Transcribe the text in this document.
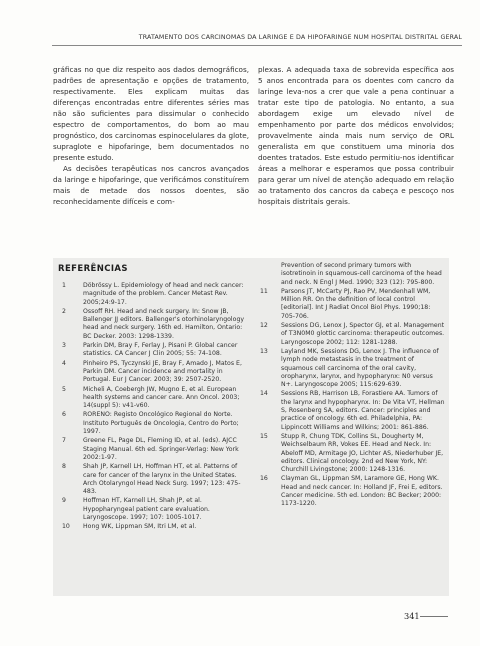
TRATAMENTO DOS CARCINOMAS DA LARINGE E DA HIPOFARINGE NUM HOSPITAL DISTRITAL GERAL

gráficas no que diz respeito aos dados demográficos, padrões de apresentação e opções de tratamento, respectivamente. Eles explicam muitas das diferenças encontradas entre diferentes séries mas não são suficientes para dissimular o conhecido espectro de comportamentos, do bom ao mau prognóstico, dos carcinomas espinocelulares da glote, supraglote e hipofaringe, bem documentados no presente estudo.

As decisões terapêuticas nos cancros avançados da laringe e hipofaringe, que verificámos constituírem mais de metade dos nossos doentes, são reconhecidamente difíceis e com-

plexas. A adequada taxa de sobrevida específica aos 5 anos encontrada para os doentes com cancro da laringe leva-nos a crer que vale a pena continuar a tratar este tipo de patologia. No entanto, a sua abordagem exige um elevado nível de empenhamento por parte dos médicos envolvidos; provavelmente ainda mais num serviço de ORL generalista em que constituem uma minoria dos doentes tratados. Este estudo permitiu-nos identificar áreas a melhorar e esperamos que possa contribuir para gerar um nível de atenção adequado em relação ao tratamento dos cancros da cabeça e pescoço nos hospitais distritais gerais.

REFERÊNCIAS
1	Döbrössy L. Epidemiology of head and neck cancer: magnitude of the problem. Cancer Metast Rev. 2005;24:9-17.
2	Ossoff RH. Head and neck surgery. In: Snow JB, Ballenger JJ editors. Ballenger's otorhinolaryngology head and neck surgery. 16th ed. Hamilton, Ontario: BC Decker. 2003: 1298-1339.
3	Parkin DM, Bray F, Ferlay J, Pisani P. Global cancer statistics. CA Cancer J Clin 2005; 55: 74-108.
4	Pinheiro PS, Tyczynski JE, Bray F, Amado J, Matos E, Parkin DM. Cancer incidence and mortality in Portugal. Eur J Cancer. 2003; 39: 2507-2520.
5	Micheli A, Coebergh JW, Mugno E, et al. European health systems and cancer care. Ann Oncol. 2003; 14(suppl 5): v41-v60.
6	RORENO: Registo Oncológico Regional do Norte. Instituto Português de Oncologia, Centro do Porto; 1997.
7	Greene FL, Page DL, Fleming ID, et al. (eds). AJCC Staging Manual. 6th ed. Springer-Verlag: New York 2002:1-97.
8	Shah JP, Karnell LH, Hoffman HT, et al. Patterns of care for cancer of the larynx in the United States. Arch Otolaryngol Head Neck Surg. 1997; 123: 475-483.
9	Hoffman HT, Karnell LH, Shah JP, et al. Hypopharyngeal patient care evaluation. Laryngoscope. 1997; 107: 1005-1017.
10	Hong WK, Lippman SM, Itri LM, et al.
Prevention of second primary tumors with isotretinoin in squamous-cell carcinoma of the head and neck. N Engl J Med. 1990; 323 (12): 795-800.
11	Parsons JT, McCarty PJ, Rao PV, Mendenhall WM, Million RR. On the definition of local control [editorial]. Int J Radiat Oncol Biol Phys. 1990;18: 705-706.
12	Sessions DG, Lenox J, Spector GJ, et al. Management of T3N0M0 glottic carcinoma: therapeutic outcomes. Laryngoscope 2002; 112: 1281-1288.
13	Layland MK, Sessions DG, Lenox J. The influence of lymph node metastasis in the treatment of squamous cell carcinoma of the oral cavity, oropharynx, larynx, and hypopharynx: N0 versus N+. Laryngoscope 2005; 115:629-639.
14	Sessions RB, Harrison LB, Forastiere AA. Tumors of the larynx and hypopharynx. In: De Vita VT, Hellman S, Rosenberg SA, editors. Cancer: principles and practice of oncology. 6th ed. Philadelphia, PA: Lippincott Williams and Wilkins; 2001: 861-886.
15	Stupp R, Chung TDK, Collins SL, Dougherty M, Weichselbaum RR, Vokes EE. Head and Neck. In: Abeloff MD, Armitage JO, Lichter AS, Niederhuber JE, editors. Clinical oncology. 2nd ed New York, NY: Churchill Livingstone; 2000: 1248-1316.
16	Clayman GL, Lippman SM, Laramore GE, Hong WK. Head and neck cancer. In: Holland JF, Frei E, editors. Cancer medicine. 5th ed. London: BC Becker; 2000: 1173-1220.
341
